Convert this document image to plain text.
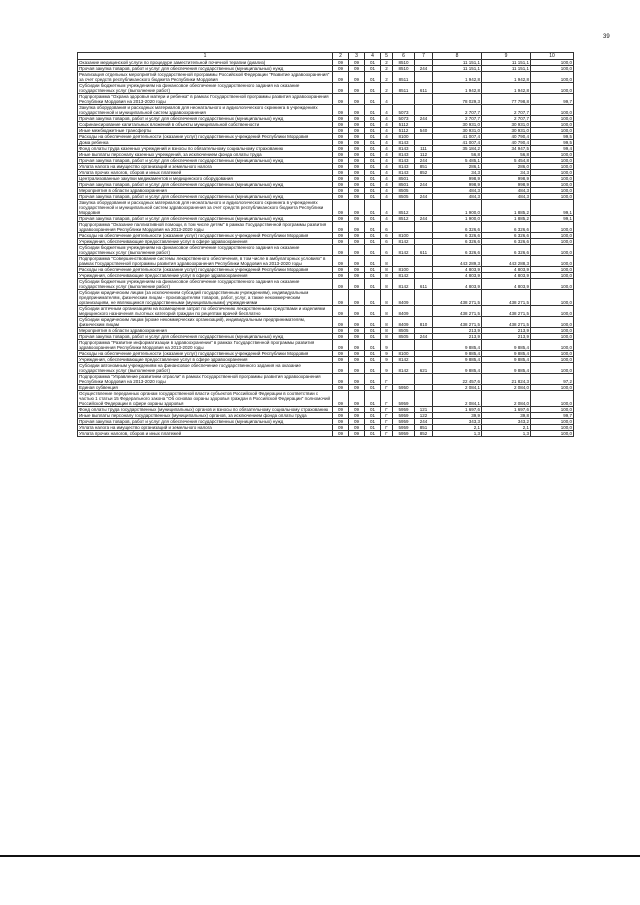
39
1	2	3	4	5	6	7	8	9	10
Оказание медицинской услуги по процедуре заместительной почечной терапии (диализ)	09	09	01	2	8510		11 151,1	11 151,1	100,0
Прочая закупка товаров, работ и услуг для обеспечения государственных (муниципальных) нужд	09	09	01	2	8510	244	11 151,1	11 151,1	100,0
Реализация отдельных мероприятий государственной программы Российской Федерации "Развитие здравоохранения" за счет средств республиканского бюджета Республики Мордовия	09	09	01	2	8511		1 942,8	1 942,8	100,0
Субсидии бюджетным учреждениям на финансовое обеспечение государственного задания на оказание государственных услуг (выполнение работ)	09	09	01	2	8511	611	1 942,8	1 942,8	100,0
Подпрограмма "Охрана здоровья матери и ребенка" в рамках Государственной программы развития здравоохранения Республики Мордовия на 2013-2020 годы	09	09	01	4			78 029,3	77 798,8	99,7
Закупка оборудования и расходных материалов для неонатального и аудиологического скрининга в учреждениях государственной и муниципальной систем здравоохранения	09	09	01	4	5073		2 707,7	2 707,7	100,0
Прочая закупка товаров, работ и услуг для обеспечения государственных (муниципальных) нужд	09	09	01	4	5073	244	2 707,7	2 707,7	100,0
Софинансирование капитальных вложений в объекты муниципальной собственности	09	09	01	4	5112		30 931,0	30 931,0	100,0
Иные межбюджетные трансферты	09	09	01	4	5112	540	30 931,0	30 931,0	100,0
Расходы на обеспечение деятельности (оказание услуг) государственных учреждений Республики Мордовия	09	09	01	4	8100		41 007,4	40 790,4	99,5
Дома ребенка	09	09	01	4	8143		41 007,4	40 790,4	99,5
Фонд оплаты труда казенных учреждений и взносы по обязательному социальному страхованию	09	09	01	4	8143	111	35 184,2	34 947,5	99,4
Иные выплаты персоналу казенных учреждений, за исключением фонда оплаты труда	09	09	01	4	8143	112	56,8	56,8	100,0
Прочая закупка товаров, работ и услуг для обеспечения государственных (муниципальных) нужд	09	09	01	4	8143	244	5 485,1	5 454,8	100,0
Уплата налога на имущество организаций и земельного налога	09	09	01	4	8143	851	286,1	286,0	100,0
Уплата прочих налогов, сборов и иных платежей	09	09	01	4	8143	852	34,3	34,3	100,0
Централизованные закупки медикаментов и медицинского оборудования	09	09	01	4	8501		998,9	998,9	100,0
Прочая закупка товаров, работ и услуг для обеспечения государственных (муниципальных) нужд	09	09	01	4	8501	244	998,9	998,9	100,0
Мероприятия в области здравоохранения	09	09	01	4	8505		484,3	484,3	100,0
Прочая закупка товаров, работ и услуг для обеспечения государственных (муниципальных) нужд	09	09	01	4	8505	244	484,3	484,3	100,0
Закупка оборудования и расходных материалов для неонатального и аудиологического скрининга в учреждениях государственной и муниципальной систем здравоохранения за счет средств республиканского бюджета Республики Мордовия	09	09	01	4	8512		1 900,0	1 885,2	99,1
Прочая закупка товаров, работ и услуг для обеспечения государственных (муниципальных) нужд	09	09	01	4	8512	244	1 900,0	1 885,2	99,1
Подпрограмма "Оказание паллиативной помощи, в том числе детям" в рамках Государственной программы развития здравоохранения Республики Мордовия на 2013-2020 годы	09	09	01	6			6 326,6	6 326,6	100,0
Расходы на обеспечение деятельности (оказание услуг) государственных учреждений Республики Мордовия	09	09	01	6	8100		6 326,6	6 326,6	100,0
Учреждения, обеспечивающие предоставление услуг в сфере здравоохранения	09	09	01	6	8142		6 326,6	6 326,6	100,0
Субсидии бюджетным учреждениям на финансовое обеспечение государственного задания на оказание государственных услуг (выполнение работ)	09	09	01	6	8142	611	6 326,6	6 326,6	100,0
Подпрограмма "Совершенствование системы лекарственного обеспечения, в том числе в амбулаторных условиях" в рамках Государственной программы развития здравоохранения Республики Мордовия на 2013-2020 годы	09	09	01	8			443 289,3	443 288,3	100,0
Расходы на обеспечение деятельности (оказание услуг) государственных учреждений Республики Мордовия	09	09	01	8	8100		4 803,9	4 803,9	100,0
Учреждения, обеспечивающие предоставление услуг в сфере здравоохранения	09	09	01	8	8142		4 803,9	4 803,9	100,0
Субсидии бюджетным учреждениям на финансовое обеспечение государственного задания на оказание государственных услуг (выполнение работ)	09	09	01	8	8142	611	4 803,9	4 803,9	100,0
Субсидии юридическим лицам (за исключением субсидий государственным учреждениям), индивидуальным предпринимателям, физическим лицам - производителям товаров, работ, услуг, а также некоммерческим организациям, не являющимся государственными (муниципальными) учреждениями	09	09	01	8	8409		438 271,5	438 271,5	100,0
Субсидии аптечным организациям на возмещение затрат по обеспечению лекарственными средствами и изделиями медицинского назначения льготных категорий граждан по рецептам врачей бесплатно	09	09	01	8	8409		438 271,5	438 271,5	100,0
Субсидии юридическим лицам (кроме некоммерческих организаций), индивидуальным предпринимателям, физическим лицам	09	09	01	8	8409	810	438 271,5	438 271,5	100,0
Мероприятия в области здравоохранения	09	09	01	8	8505		213,9	213,9	100,0
Прочая закупка товаров, работ и услуг для обеспечения государственных (муниципальных) нужд	09	09	01	8	8505	244	213,9	213,9	100,0
Подпрограмма "Развитие информатизации в здравоохранении" в рамках Государственной программы развития здравоохранения Республики Мордовия на 2013-2020 годы	09	09	01	9			9 885,4	9 885,4	100,0
Расходы на обеспечение деятельности (оказание услуг) государственных учреждений Республики Мордовия	09	09	01	9	8100		9 885,4	9 885,4	100,0
Учреждения, обеспечивающие предоставление услуг в сфере здравоохранения	09	09	01	9	8142		9 885,4	9 885,4	100,0
Субсидии автономным учреждениям на финансовое обеспечение государственного задания на оказание государственных услуг (выполнение работ)	09	09	01	9	8142	621	9 885,4	9 885,4	100,0
Подпрограмма "Управление развитием отрасли" в рамках Государственной программы развития здравоохранения Республики Мордовия на 2013-2020 годы	09	09	01	Г			22 457,6	21 824,3	97,2
Единая субвенция	09	09	01	Г	5950		2 084,1	2 084,0	100,0
Осуществление переданных органам государственной власти субъектов Российской Федерации в соответствии с частью 1 статьи 15 Федерального закона "Об основах охраны здоровья граждан в Российской Федерации" полномочий Российской Федерации в сфере охраны здоровья	09	09	01	Г	5959		2 084,1	2 084,0	100,0
Фонд оплаты труда государственных (муниципальных) органов и взносы по обязательному социальному страхованию	09	09	01	Г	5959	121	1 697,6	1 697,6	100,0
Иные выплаты персоналу государственных (муниципальных) органов, за исключением фонда оплаты труда	09	09	01	Г	5959	122	39,9	39,8	99,7
Прочая закупка товаров, работ и услуг для обеспечения государственных (муниципальных) нужд	09	09	01	Г	5959	244	343,3	343,2	100,0
Уплата налога на имущество организаций и земельного налога	09	09	01	Г	5959	851	2,1	2,1	100,0
Уплата прочих налогов, сборов и иных платежей	09	09	01	Г	5959	852	1,3	1,3	100,0
